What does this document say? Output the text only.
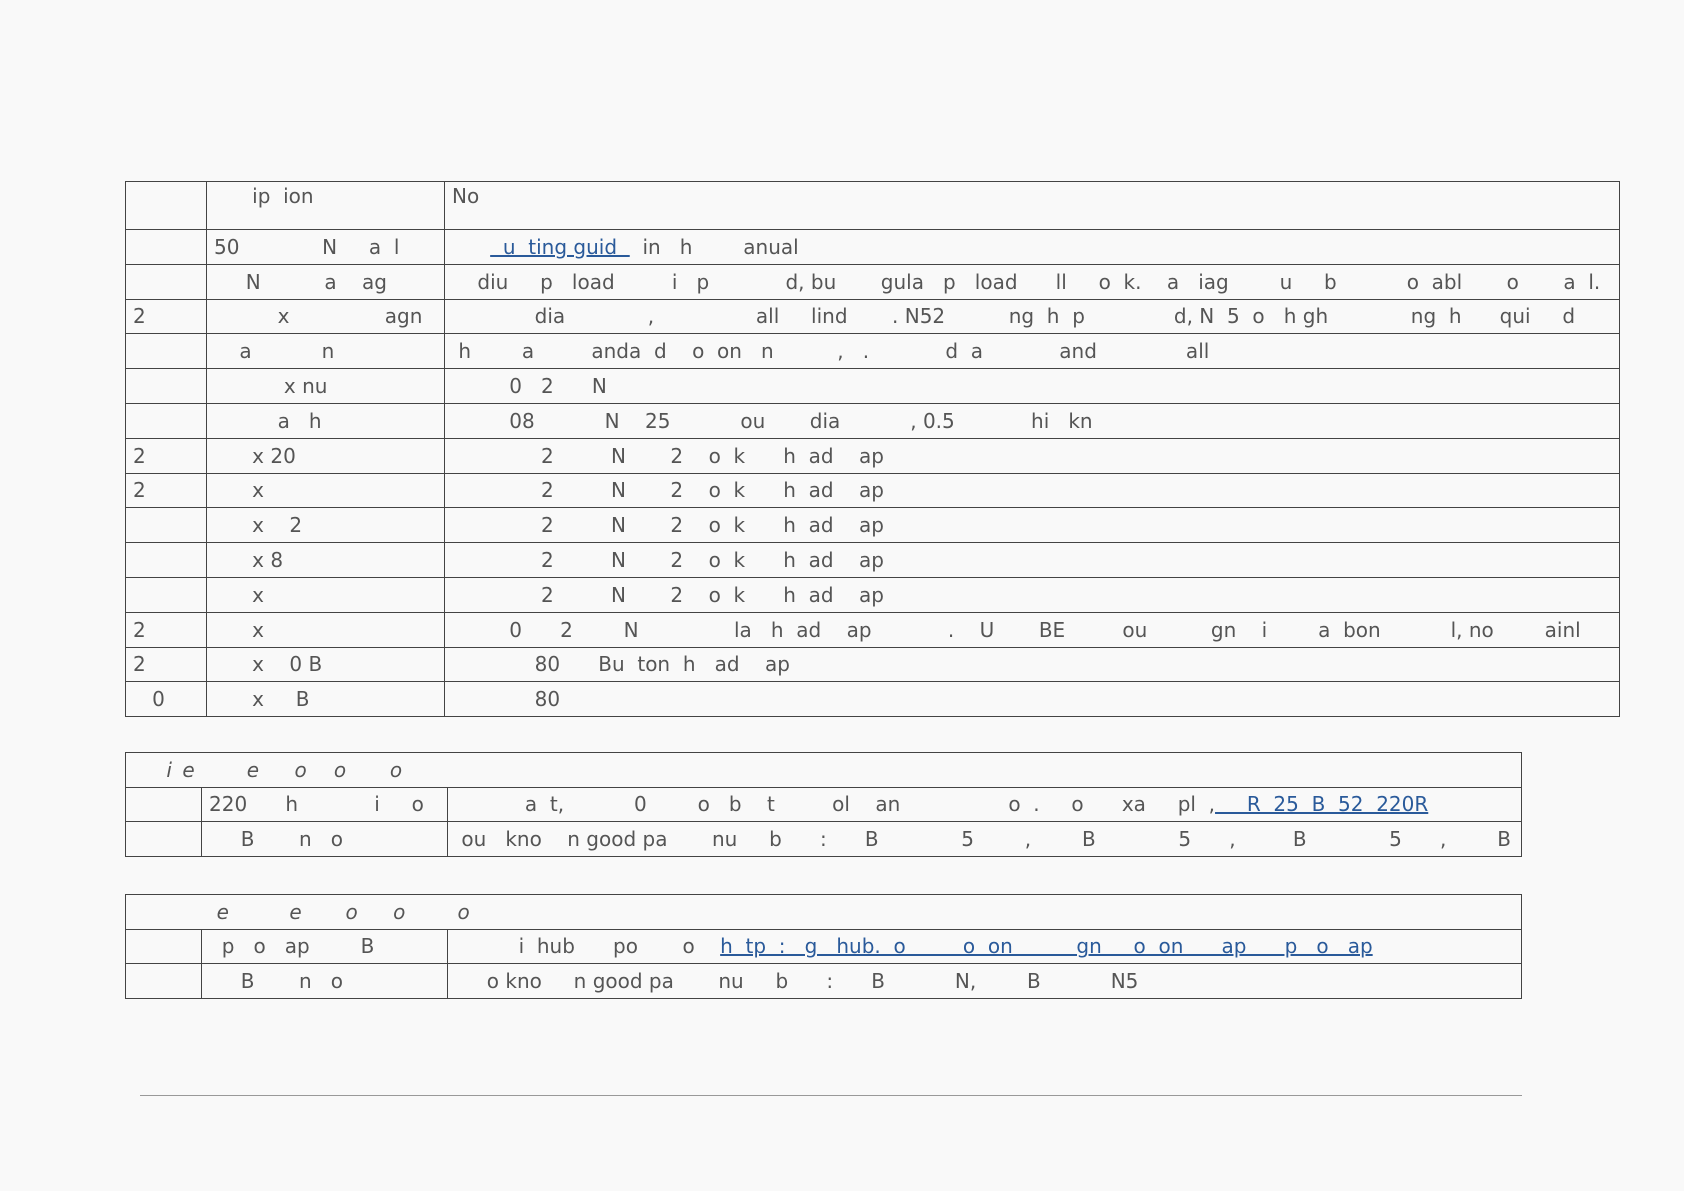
	ip  ion	No
	50             N     a  l	u  ting guid    in   h        anual
	N          a    ag	diu     p   load         i   p            d, bu       gula   p   load      ll     o  k.    a   iag        u     b           o  abl       o       a  l.
2	x               agn	dia             ,                all     lind       . N52          ng  h  p              d, N  5  o   h gh             ng  h      qui     d
	a           n	h        a         anda  d    o  on   n          ,   .            d  a            and              all
	x nu	0   2      N
	a   h	08           N    25           ou       dia           , 0.5            hi   kn
2	x 20	2         N       2    o  k      h  ad    ap
2	x	2         N       2    o  k      h  ad    ap
	x    2	2         N       2    o  k      h  ad    ap
	x 8	2         N       2    o  k      h  ad    ap
	x	2         N       2    o  k      h  ad    ap
2	x	0      2        N               la   h  ad    ap            .    U       BE         ou          gn    i        a  bon           l, no        ainl
2	x    0 B	80      Bu  ton  h   ad    ap
0	x     B	80
i e      e    o   o     o		
	220      h            i     o	a  t,           0        o   b    t         ol    an                 o  .     o      xa     pl  ,     R  25  B  52  220R
	B       n   o	ou   kno    n good pa       nu     b      :      B             5        ,        B             5      ,         B             5      ,        B
e       e     o    o      o		
	p   o   ap        B	i  hub      po       o    h  tp  :   g   hub.  o         o  on          gn     o  on      ap      p   o   ap
	B       n   o	o kno     n good pa       nu     b      :      B           N,        B           N5
